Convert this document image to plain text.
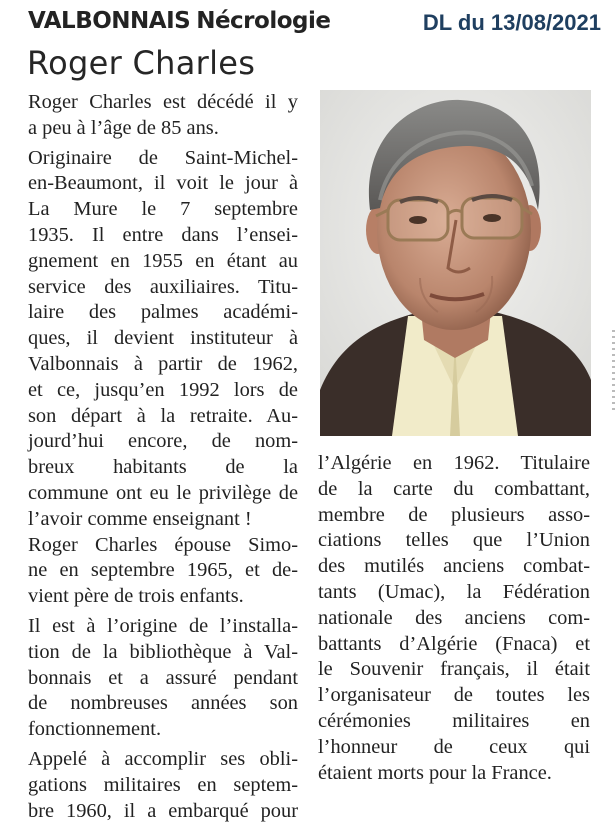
VALBONNAIS Nécrologie	DL du 13/08/2021
Roger Charles
Roger Charles est décédé il y
a peu à l’âge de 85 ans.
Originaire de Saint-Michel-
en-Beaumont, il voit le jour à
La Mure le 7 septembre
1935. Il entre dans l’ensei-
gnement en 1955 en étant au
service des auxiliaires. Titu-
laire des palmes académi-
ques, il devient instituteur à
Valbonnais à partir de 1962,
et ce, jusqu’en 1992 lors de
son départ à la retraite. Au-
jourd’hui encore, de nom-
breux habitants de la
commune ont eu le privilège de
l’avoir comme enseignant !
Roger Charles épouse Simo-
ne en septembre 1965, et de-
vient père de trois enfants.
Il est à l’origine de l’installa-
tion de la bibliothèque à Val-
bonnais et a assuré pendant
de nombreuses années son
fonctionnement.
Appelé à accomplir ses obli-
gations militaires en septem-
bre 1960, il a embarqué pour
l’Algérie en 1962. Titulaire
de la carte du combattant,
membre de plusieurs asso-
ciations telles que l’Union
des mutilés anciens combat-
tants (Umac), la Fédération
nationale des anciens com-
battants d’Algérie (Fnaca) et
le Souvenir français, il était
l’organisateur de toutes les
cérémonies militaires en
l’honneur de ceux qui
étaient morts pour la France.
